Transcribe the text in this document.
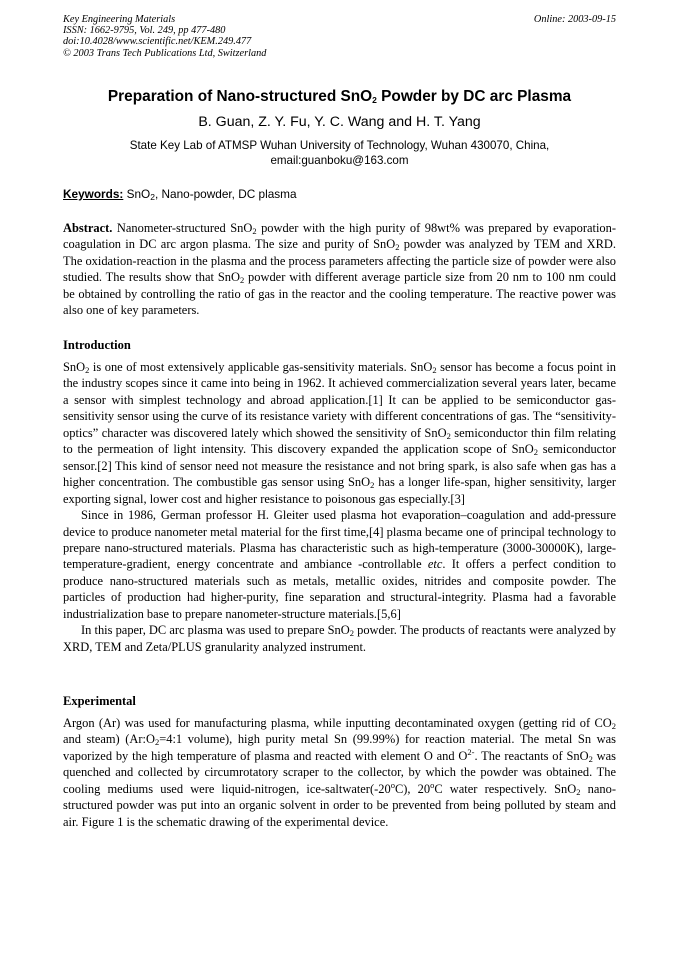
Key Engineering Materials
ISSN: 1662-9795, Vol. 249, pp 477-480
doi:10.4028/www.scientific.net/KEM.249.477
© 2003 Trans Tech Publications Ltd, Switzerland
Online: 2003-09-15
Preparation of Nano-structured SnO$_2$ Powder by DC arc Plasma
B. Guan, Z. Y. Fu, Y. C. Wang and H. T. Yang
State Key Lab of ATMSP Wuhan University of Technology, Wuhan 430070, China,
email:guanboku@163.com
Keywords: SnO$_2$, Nano-powder, DC plasma

Abstract. Nanometer-structured SnO$_2$ powder with the high purity of 98wt% was prepared by evaporation-coagulation in DC arc argon plasma. The size and purity of SnO$_2$ powder was analyzed by TEM and XRD. The oxidation-reaction in the plasma and the process parameters affecting the particle size of powder were also studied. The results show that SnO$_2$ powder with different average particle size from 20 nm to 100 nm could be obtained by controlling the ratio of gas in the reactor and the cooling temperature. The reactive power was also one of key parameters.

Introduction

SnO$_2$ is one of most extensively applicable gas-sensitivity materials. SnO$_2$ sensor has become a focus point in the industry scopes since it came into being in 1962. It achieved commercialization several years later, became a sensor with simplest technology and abroad application.[1] It can be applied to be semiconductor gas-sensitivity sensor using the curve of its resistance variety with different concentrations of gas. The “sensitivity-optics” character was discovered lately which showed the sensitivity of SnO$_2$ semiconductor thin film relating to the permeation of light intensity. This discovery expanded the application scope of SnO$_2$ semiconductor sensor.[2] This kind of sensor need not measure the resistance and not bring spark, is also safe when gas has a higher concentration. The combustible gas sensor using SnO$_2$ has a longer life-span, higher sensitivity, larger exporting signal, lower cost and higher resistance to poisonous gas especially.[3]

Since in 1986, German professor H. Gleiter used plasma hot evaporation–coagulation and add-pressure device to produce nanometer metal material for the first time,[4] plasma became one of principal technology to prepare nano-structured materials. Plasma has characteristic such as high-temperature (3000-30000K), large-temperature-gradient, energy concentrate and ambiance -controllable etc. It offers a perfect condition to produce nano-structured materials such as metals, metallic oxides, nitrides and composite powder. The particles of production had higher-purity, fine separation and structural-integrity. Plasma had a favorable industrialization base to prepare nanometer-structure materials.[5,6]

In this paper, DC arc plasma was used to prepare SnO$_2$ powder. The products of reactants were analyzed by XRD, TEM and Zeta/PLUS granularity analyzed instrument.

Experimental

Argon (Ar) was used for manufacturing plasma, while inputting decontaminated oxygen (getting rid of $CO_2$ and steam) ($Ar:O_2=4:1$ volume), high purity metal Sn (99.99%) for reaction material. The metal Sn was vaporized by the high temperature of plasma and reacted with element O and $O^{2-}$. The reactants of SnO$_2$ was quenched and collected by circumrotatory scraper to the collector, by which the powder was obtained. The cooling mediums used were liquid-nitrogen, ice-saltwater(-20$^o$C), 20$^o$C water respectively. SnO$_2$ nano-structured powder was put into an organic solvent in order to be prevented from being polluted by steam and air. Figure 1 is the schematic drawing of the experimental device.
